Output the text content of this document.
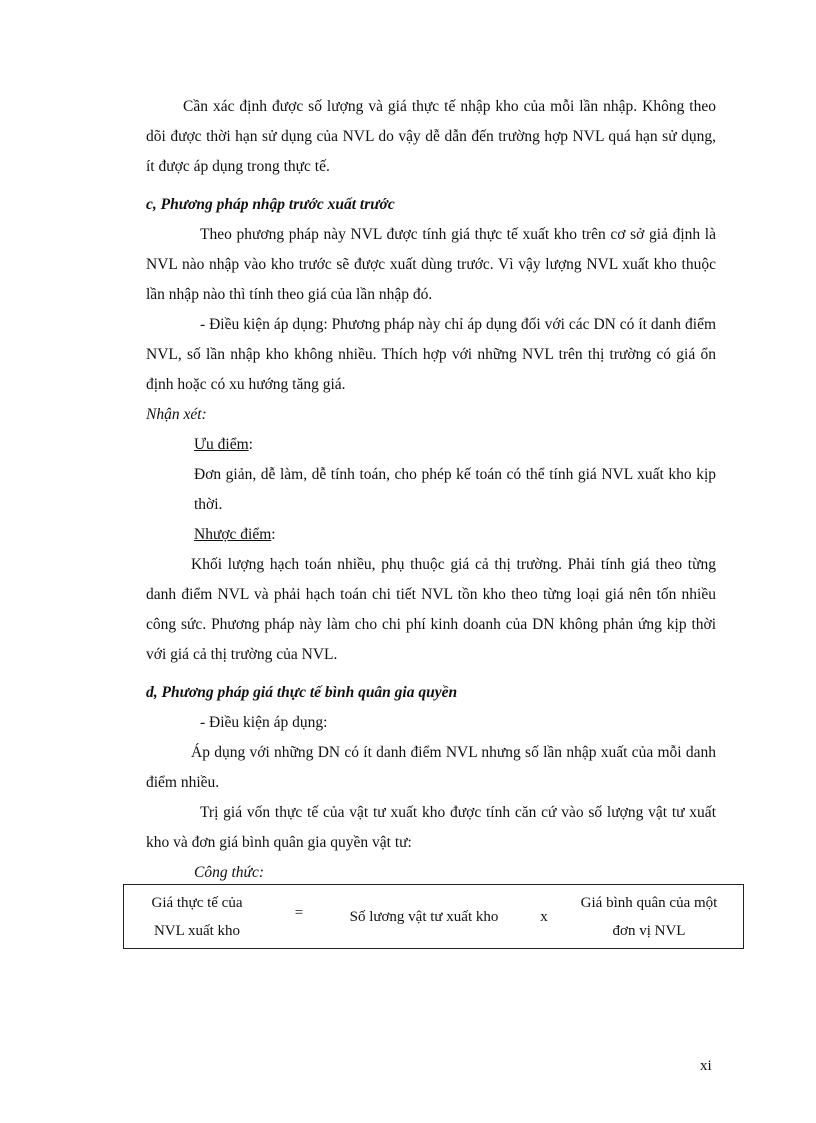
Cần xác định được số lượng và giá thực tế nhập kho của mỗi lần nhập. Không theo dõi được thời hạn sử dụng của NVL do vậy dễ dẫn đến trường hợp NVL quá hạn sử dụng, ít được áp dụng trong thực tế.

c, Phương pháp nhập trước xuất trước

Theo phương pháp này NVL được tính giá thực tế xuất kho trên cơ sở giả định là NVL nào nhập vào kho trước sẽ được xuất dùng trước. Vì vậy lượng NVL xuất kho thuộc lần nhập nào thì tính theo giá của lần nhập đó.

- Điều kiện áp dụng: Phương pháp này chỉ áp dụng đối với các DN có ít danh điểm NVL, số lần nhập kho không nhiều. Thích hợp với những NVL trên thị trường có giá ổn định hoặc có xu hướng tăng giá.

Nhận xét:

Ưu điểm:

Đơn giản, dễ làm, dễ tính toán, cho phép kế toán có thể tính giá NVL xuất kho kịp thời.

Nhược điểm:

Khối lượng hạch toán nhiều, phụ thuộc giá cả thị trường. Phải tính giá theo từng danh điểm NVL và phải hạch toán chi tiết NVL tồn kho theo từng loại giá nên tốn nhiều công sức. Phương pháp này làm cho chi phí kinh doanh của DN không phản ứng kịp thời với giá cả thị trường của NVL.

d, Phương pháp giá thực tế bình quân gia quyền

- Điều kiện áp dụng:

Áp dụng với những DN có ít danh điểm NVL nhưng số lần nhập xuất của mỗi danh điểm nhiều.

Trị giá vốn thực tế của vật tư xuất kho được tính căn cứ vào số lượng vật tư xuất kho và đơn giá bình quân gia quyền vật tư:

Công thức:

Giá thực tế của
NVL xuất kho
=	Số lương vật tư xuất kho	x
Giá bình quân của một
đơn vị NVL
xi
